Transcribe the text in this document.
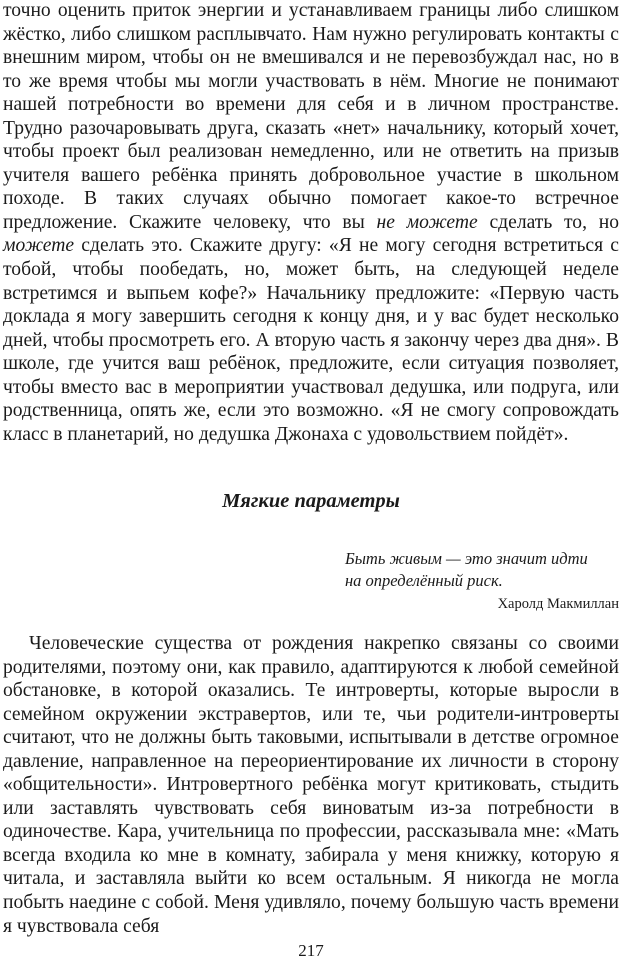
точно оценить приток энергии и устанавливаем границы либо слишком жёстко, либо слишком расплывчато. Нам нужно регулировать контакты с внешним миром, чтобы он не вмешивался и не перевозбуждал нас, но в то же время чтобы мы могли участвовать в нём. Многие не понимают нашей потребности во времени для себя и в личном пространстве. Трудно разочаровывать друга, сказать «нет» начальнику, который хочет, чтобы проект был реализован немедленно, или не ответить на призыв учителя вашего ребёнка принять добровольное участие в школьном походе. В таких случаях обычно помогает какое-то встречное предложение. Скажите человеку, что вы не можете сделать то, но можете сделать это. Скажите другу: «Я не могу сегодня встретиться с тобой, чтобы пообедать, но, может быть, на следующей неделе встретимся и выпьем кофе?» Начальнику предложите: «Первую часть доклада я могу завершить сегодня к концу дня, и у вас будет несколько дней, чтобы просмотреть его. А вторую часть я закончу через два дня». В школе, где учится ваш ребёнок, предложите, если ситуация позволяет, чтобы вместо вас в мероприятии участвовал дедушка, или подруга, или родственница, опять же, если это возможно. «Я не смогу сопровождать класс в планетарий, но дедушка Джонаха с удовольствием пойдёт».

Мягкие параметры
Быть живым — это значит идти
на определённый риск.
Харолд Макмиллан

Человеческие существа от рождения накрепко связаны со своими родителями, поэтому они, как правило, адаптируются к любой семейной обстановке, в которой оказались. Те интроверты, которые выросли в семейном окружении экстравертов, или те, чьи родители-интроверты считают, что не должны быть таковыми, испытывали в детстве огромное давление, направленное на переориентирование их личности в сторону «общительности». Интровертного ребёнка могут критиковать, стыдить или заставлять чувствовать себя виноватым из-за потребности в одиночестве. Кара, учительница по профессии, рассказывала мне: «Мать всегда входила ко мне в комнату, забирала у меня книжку, которую я читала, и заставляла выйти ко всем остальным. Я никогда не могла побыть наедине с собой. Меня удивляло, почему большую часть времени я чувствовала себя

217
